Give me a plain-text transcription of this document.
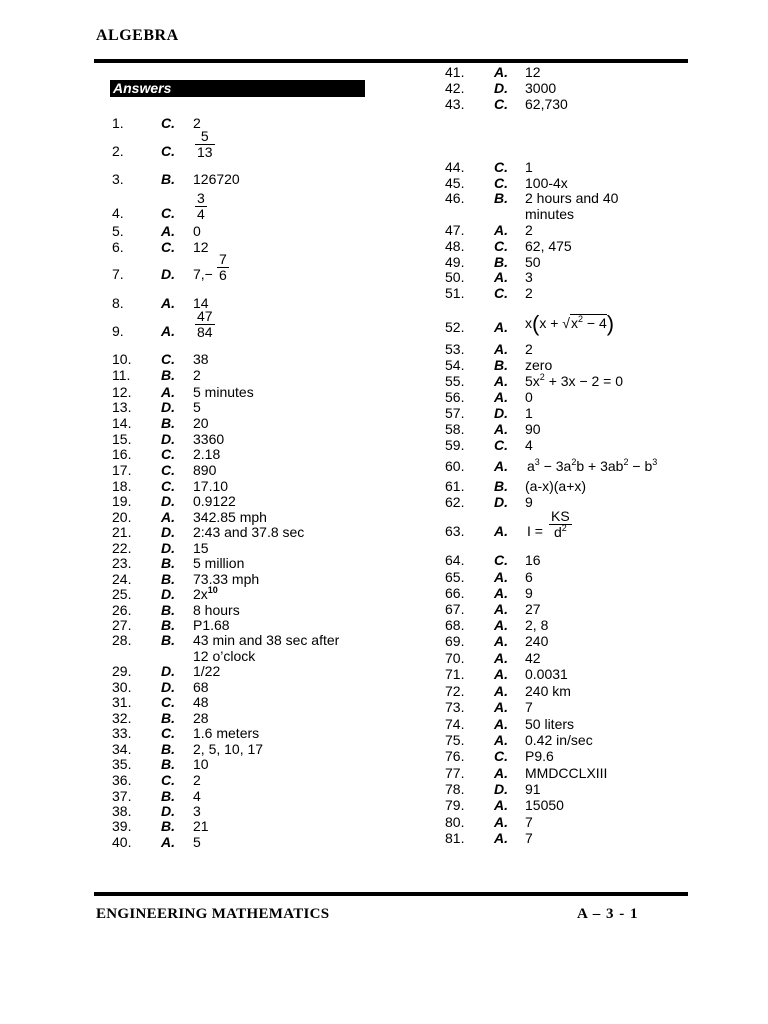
ALGEBRA
Answers
1.	C. 2
2.	C. $\frac{5}{13}$
3.	B. 126720
4.	C. $\frac{3}{4}$
5.	A. 0
6.	C. 12
7.	D. $7,- \frac{7}{6}$
8.	A. 14
9.	A. $\frac{47}{84}$
10. C. 38
11. B. 2
12. A. 5 minutes
13. D. 5
14. B. 20
15. D. 3360
16. C. 2.18
17. C. 890
18. C. 17.10
19. D. 0.9122
20. A. 342.85 mph
21. D. 2:43 and 37.8 sec
22. D. 15
23. B. 5 million
24. B. 73.33 mph
25. D. $2x^{10}$
26. B. 8 hours
27. B. P1.68
28. B. 43 min and 38 sec after
12 o’clock
29. D. 1/22
30. D. 68
31. C. 48
32. B. 28
33. C. 1.6 meters
34. B. 2, 5, 10, 17
35. B. 10
36. C. 2
37. B. 4
38. D. 3
39. B. 21
40. A. 5
41. A. 12
42. D. 3000
43. C. 62,730
44. C. 1
45. C. 100-4x
46. B. 2 hours and 40
minutes
47. A. 2
48. C. 62, 475
49. B. 50
50. A. 3
51. C. 2
52. A. $x(x + √x^2 - 4)$
53. A. 2
54. B. zero
55. A. $5x^2 + 3x - 2 = 0$
56. A. 0
57. D. 1
58. A. 90
59. C. 4
60. A. $a^3 - 3a^2b + 3ab^2 - b^3$
61. B. (a-x)(a+x)
62. D. 9
63. A. $I = \frac{KS}{d^2}$
64. C. 16
65. A. 6
66. A. 9
67. A. 27
68. A. 2, 8
69. A. 240
70. A. 42
71. A. 0.0031
72. A. 240 km
73. A. 7
74. A. 50 liters
75. A. 0.42 in/sec
76. C. P9.6
77. A. MMDCCLXIII
78. D. 91
79. A. 15050
80. A. 7
81. A. 7
ENGINEERING MATHEMATICS	A – 3 - 1
